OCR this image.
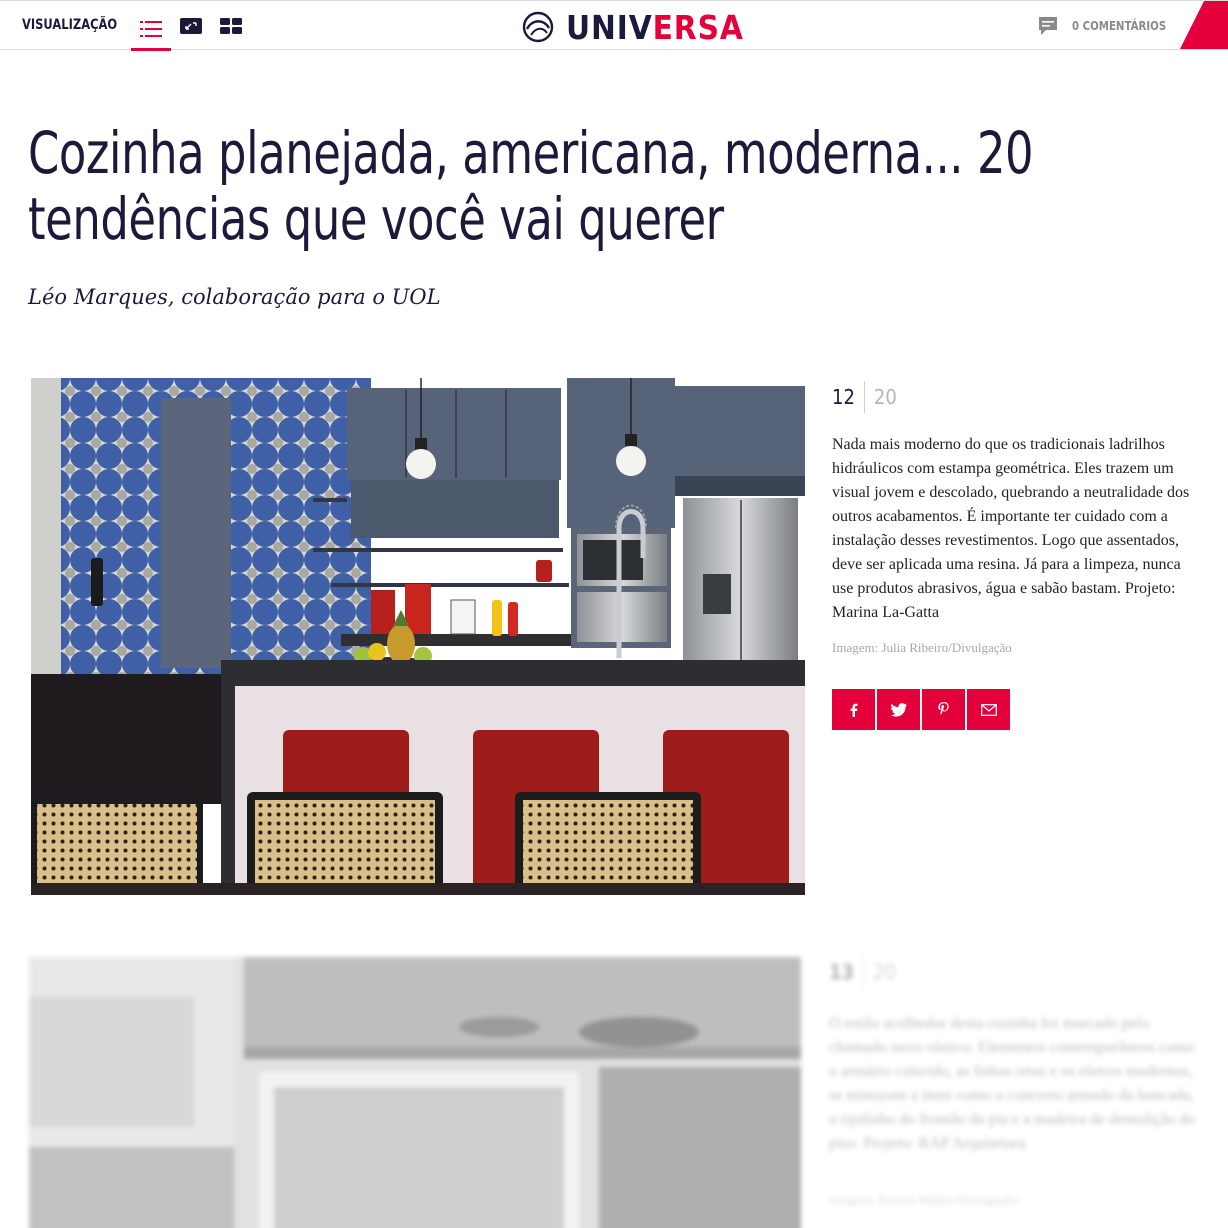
VISUALIZAÇÃO	UNIVERSA	0 COMENTÁRIOS
Cozinha planejada, americana, moderna... 20
tendências que você vai querer
Léo Marques, colaboração para o UOL
12 20

Nada mais moderno do que os tradicionais ladrilhos hidráulicos com estampa geométrica. Eles trazem um visual jovem e descolado, quebrando a neutralidade dos outros acabamentos. É importante ter cuidado com a instalação desses revestimentos. Logo que assentados, deve ser aplicada uma resina. Já para a limpeza, nunca use produtos abrasivos, água e sabão bastam. Projeto: Marina La-Gatta

Imagem: Julia Ribeiro/Divulgação
13 20

O estilo acolhedor desta cozinha foi marcado pelo chamado novo rústico. Elementos contemporâneos como o armário colorido, as linhas retas e os eletros modernos, se misturam a itens como o concreto armado da bancada, o tijolinho do frontão da pia e a madeira de demolição do piso. Projeto: RAP Arquitetura

Imagem: Evelyn Müller/Divulgação
